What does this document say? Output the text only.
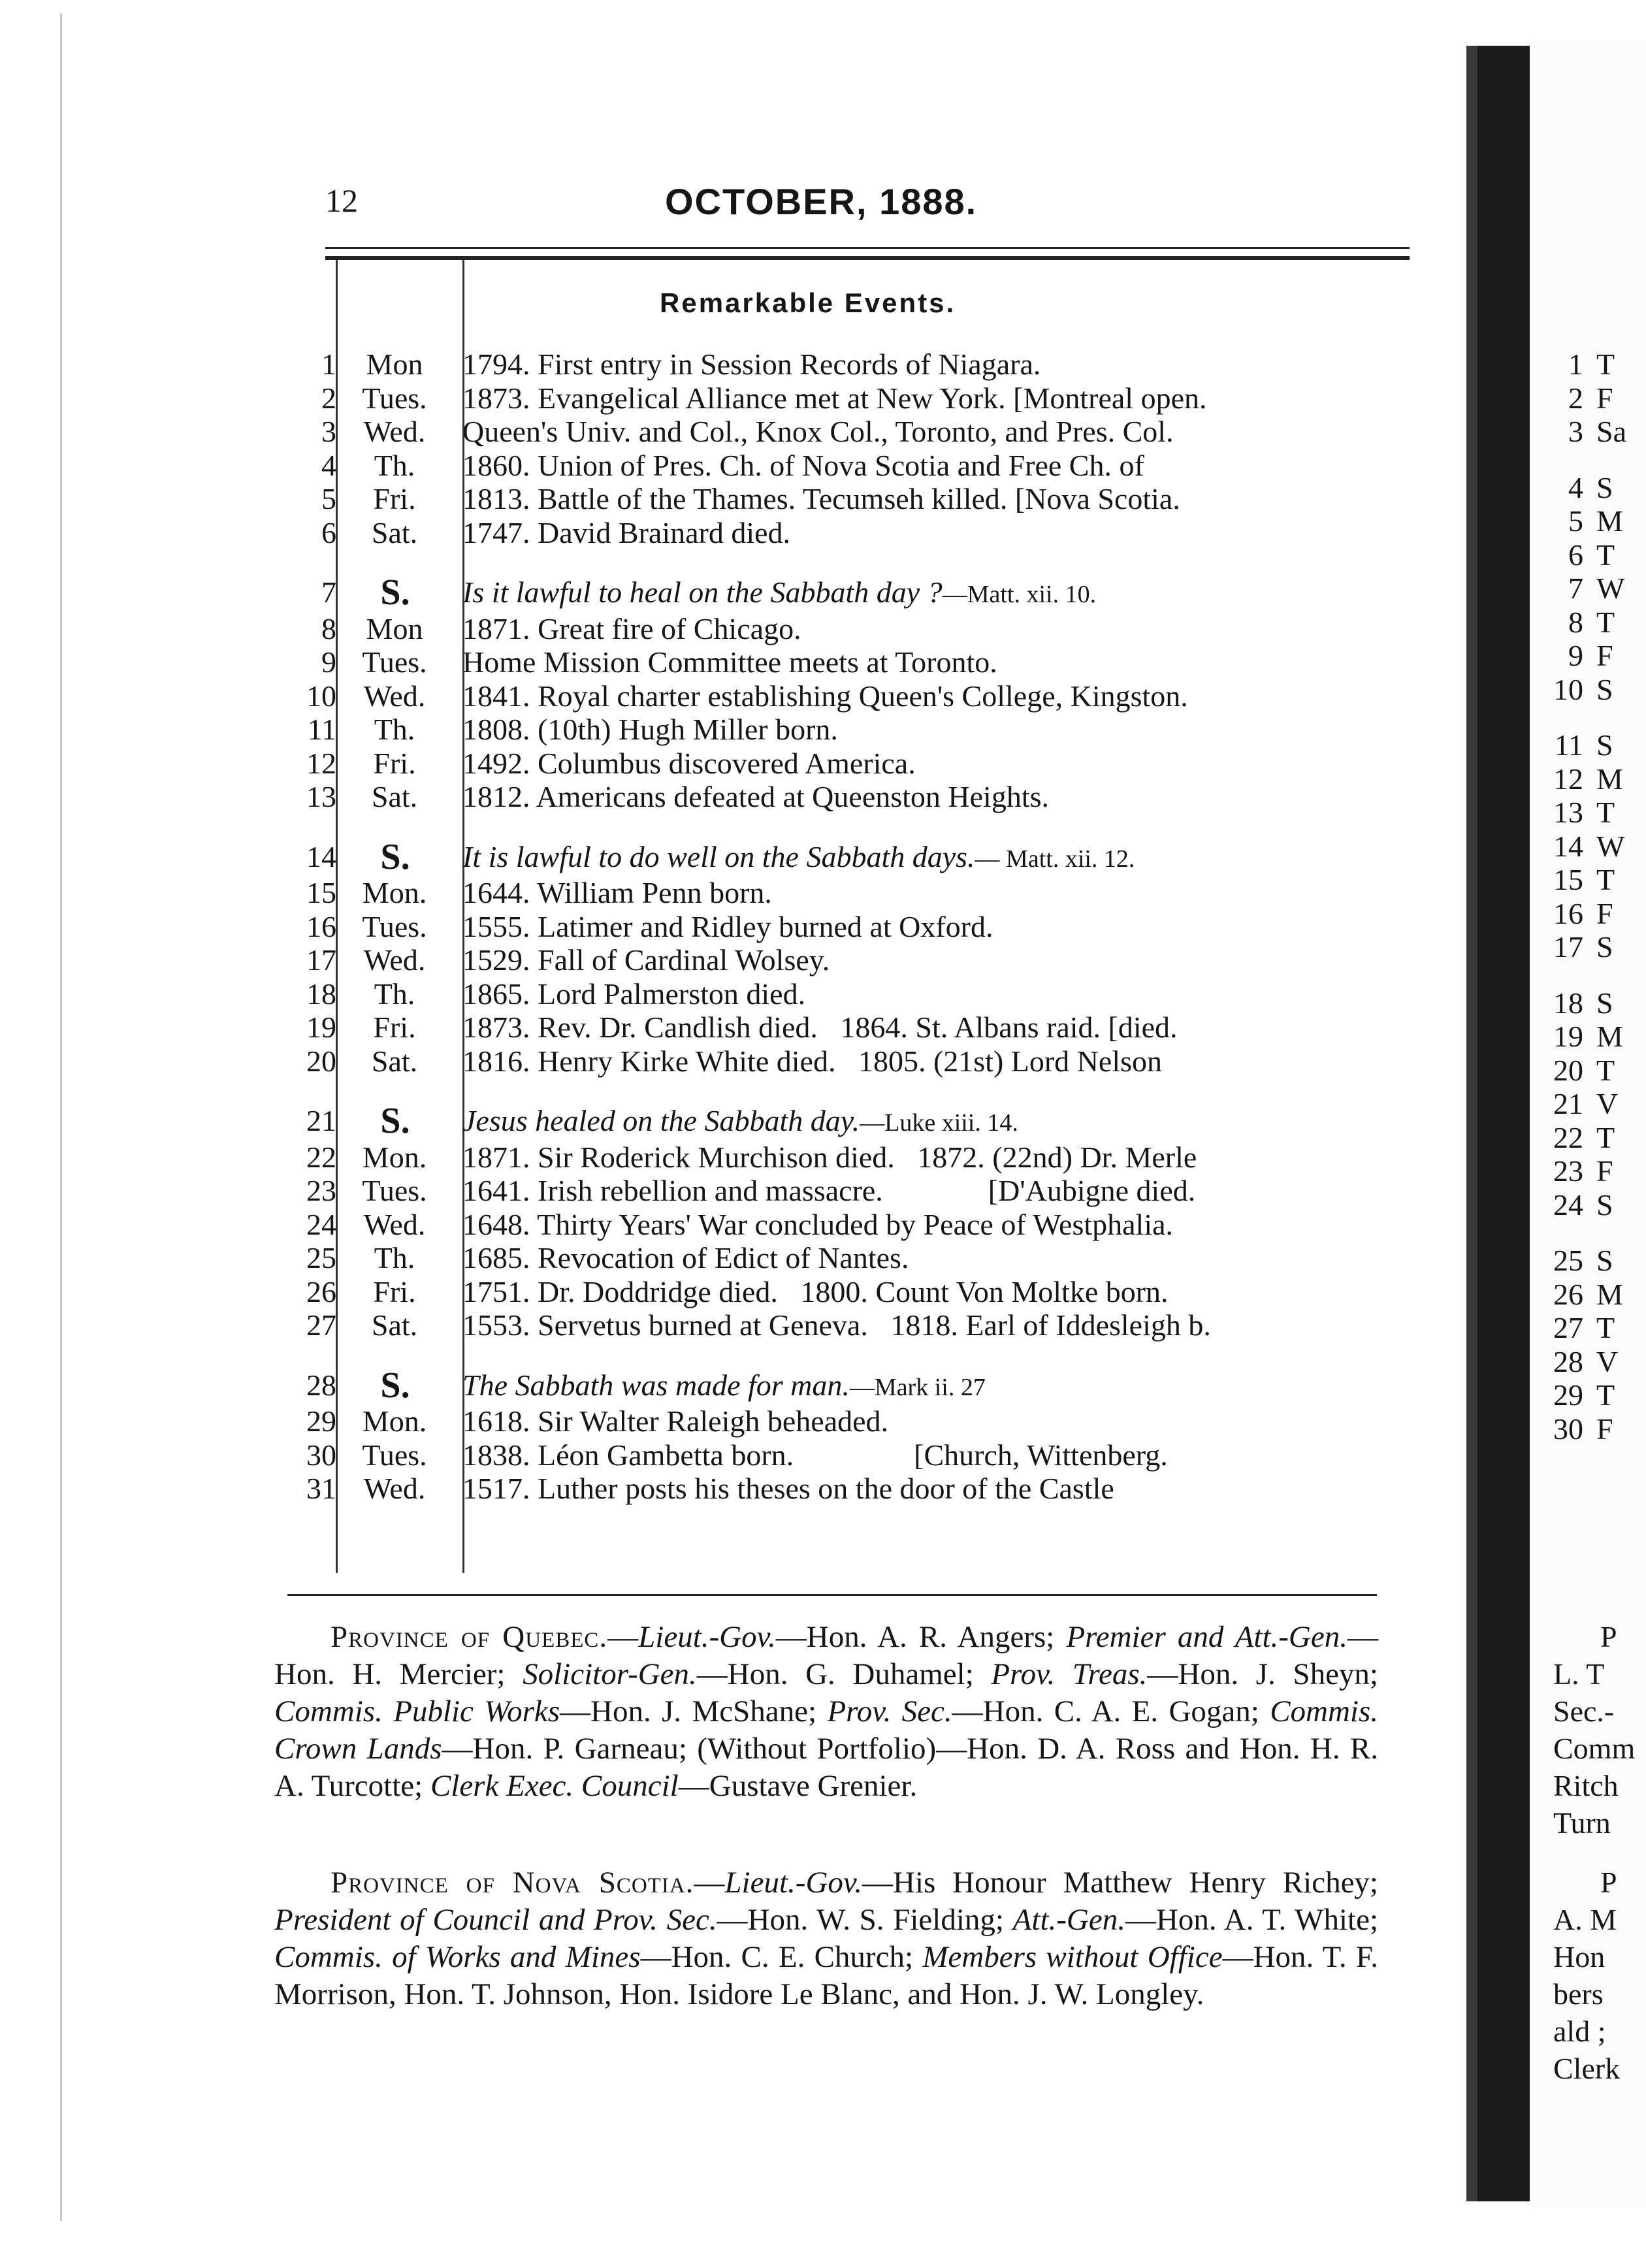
12	OCTOBER, 1888.
Remarkable Events.
1 Mon	1794. First entry in Session Records of Niagara.
2 Tues.	1873. Evangelical Alliance met at New York. [Montreal open.
3 Wed.	Queen's Univ. and Col., Knox Col., Toronto, and Pres. Col.
4	Th.	1860. Union of Pres. Ch. of Nova Scotia and Free Ch. of
5	Fri.	1813. Battle of the Thames. Tecumseh killed. [Nova Scotia.
6	Sat.	1747. David Brainard died.
7	S.	Is it lawful to heal on the Sabbath day ?—Matt. xii. 10.
8 Mon	1871. Great fire of Chicago.
9 Tues.	Home Mission Committee meets at Toronto.
10 Wed.	1841. Royal charter establishing Queen's College, Kingston.
11	Th.	1808. (10th) Hugh Miller born.
12	Fri.	1492. Columbus discovered America.
13	Sat.	1812. Americans defeated at Queenston Heights.
14	S.	It is lawful to do well on the Sabbath days.— Matt. xii. 12.
15 Mon.	1644. William Penn born.
16 Tues.	1555. Latimer and Ridley burned at Oxford.
17 Wed.	1529. Fall of Cardinal Wolsey.
18	Th.	1865. Lord Palmerston died.
19	Fri.	1873. Rev. Dr. Candlish died.   1864. St. Albans raid. [died.
20	Sat.	1816. Henry Kirke White died.   1805. (21st) Lord Nelson
21	S.	Jesus healed on the Sabbath day.—Luke xiii. 14.
22 Mon.	1871. Sir Roderick Murchison died.   1872. (22nd) Dr. Merle
23 Tues.	1641. Irish rebellion and massacre.              [D'Aubigne died.
24 Wed.	1648. Thirty Years' War concluded by Peace of Westphalia.
25	Th.	1685. Revocation of Edict of Nantes.
26	Fri.	1751. Dr. Doddridge died.   1800. Count Von Moltke born.
27	Sat.	1553. Servetus burned at Geneva.   1818. Earl of Iddesleigh b.
28	S.	The Sabbath was made for man.—Mark ii. 27
29 Mon.	1618. Sir Walter Raleigh beheaded.
30 Tues.	1838. Léon Gambetta born.                [Church, Wittenberg.
31 Wed.	1517. Luther posts his theses on the door of the Castle
Province of Quebec.—Lieut.-Gov.—Hon. A. R. Angers; Premier and Att.-Gen.—Hon. H. Mercier; Solicitor-Gen.—Hon. G. Duhamel; Prov. Treas.—Hon. J. Sheyn; Commis. Public Works—Hon. J. McShane; Prov. Sec.—Hon. C. A. E. Gogan; Commis. Crown Lands—Hon. P. Garneau; (Without Portfolio)—Hon. D. A. Ross and Hon. H. R. A. Turcotte; Clerk Exec. Council—Gustave Grenier.
Province of Nova Scotia.—Lieut.-Gov.—His Honour Matthew Henry Richey; President of Council and Prov. Sec.—Hon. W. S. Fielding; Att.-Gen.—Hon. A. T. White; Commis. of Works and Mines—Hon. C. E. Church; Members without Office—Hon. T. F. Morrison, Hon. T. Johnson, Hon. Isidore Le Blanc, and Hon. J. W. Longley.
1 T
2 F
3 Sa
4 S
5 M
6 T
7 W
8 T
9 F
10 S
11 S
12 M
13 T
14 W
15 T
16 F
17 S
18 S
19 M
20 T
21 V
22 T
23 F
24 S
25 S
26 M
27 T
28 V
29 T
30 F
P
L. T
Sec.-
Comm
Ritch
Turn
P
A. M
Hon
bers
ald ;
Clerk
